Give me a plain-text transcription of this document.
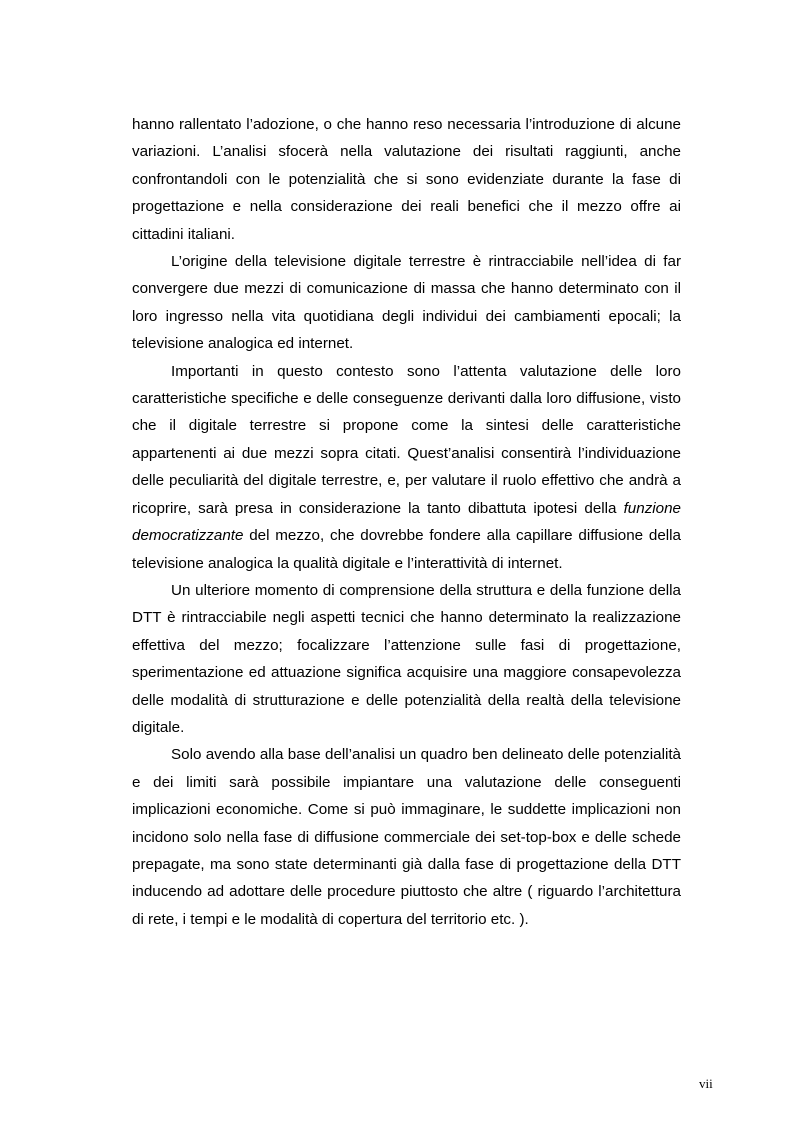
hanno rallentato l’adozione, o che hanno reso necessaria l’introduzione di alcune variazioni. L’analisi sfocerà nella valutazione dei risultati raggiunti, anche confrontandoli con le potenzialità che si sono evidenziate durante la fase di progettazione e nella considerazione dei reali benefici che il mezzo offre ai cittadini italiani.

L’origine della televisione digitale terrestre è rintracciabile nell’idea di far convergere due mezzi di comunicazione di massa che hanno determinato con il loro ingresso nella vita quotidiana degli individui dei cambiamenti epocali; la televisione analogica ed internet.

Importanti in questo contesto sono l’attenta valutazione delle loro caratteristiche specifiche e delle conseguenze derivanti dalla loro diffusione, visto che il digitale terrestre si propone come la sintesi delle caratteristiche appartenenti ai due mezzi sopra citati. Quest’analisi consentirà l’individuazione delle peculiarità del digitale terrestre, e, per valutare il ruolo effettivo che andrà a ricoprire, sarà presa in considerazione la tanto dibattuta ipotesi della funzione democratizzante del mezzo, che dovrebbe fondere alla capillare diffusione della televisione analogica la qualità digitale e l’interattività di internet.

Un ulteriore momento di comprensione della struttura e della funzione della DTT è rintracciabile negli aspetti tecnici che hanno determinato la realizzazione effettiva del mezzo; focalizzare l’attenzione sulle fasi di progettazione, sperimentazione ed attuazione significa acquisire una maggiore consapevolezza delle modalità di strutturazione e delle potenzialità della realtà della televisione digitale.

Solo avendo alla base dell’analisi un quadro ben delineato delle potenzialità e dei limiti sarà possibile impiantare una valutazione delle conseguenti implicazioni economiche. Come si può immaginare, le suddette implicazioni non incidono solo nella fase di diffusione commerciale dei set-top-box e delle schede prepagate, ma sono state determinanti già dalla fase di progettazione della DTT inducendo ad adottare delle procedure piuttosto che altre ( riguardo l’architettura di rete, i tempi e le modalità di copertura del territorio etc. ).

vii
